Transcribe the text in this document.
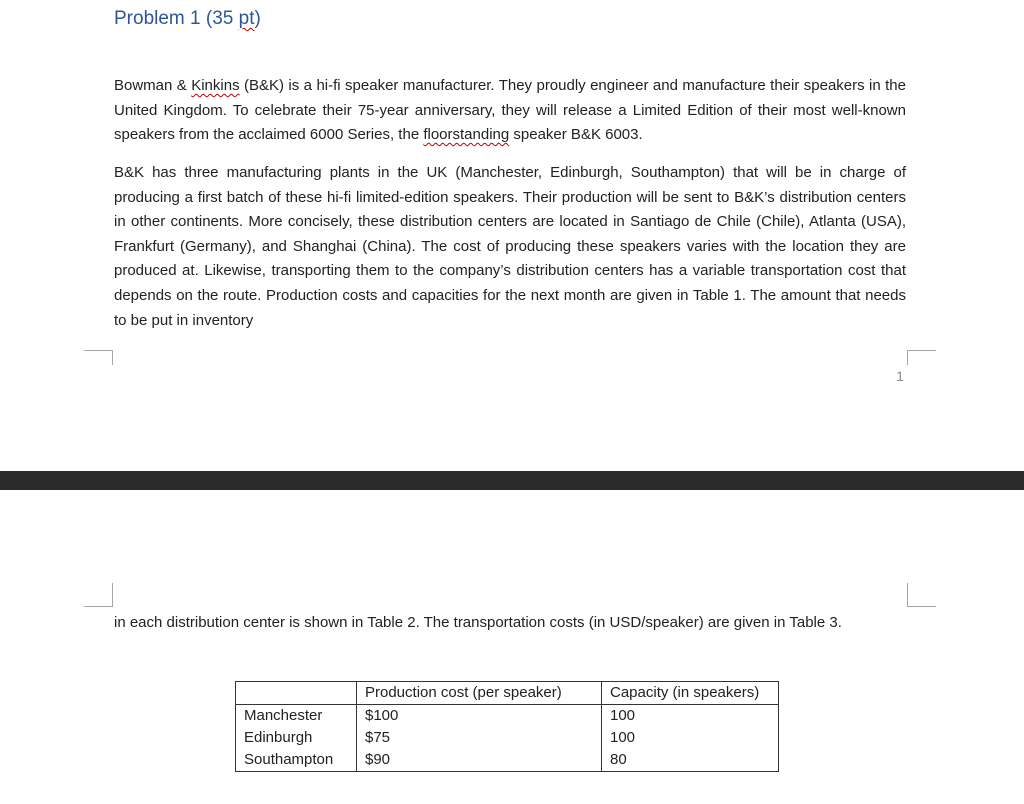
Problem 1 (35 pt)

Bowman & Kinkins (B&K) is a hi-fi speaker manufacturer. They proudly engineer and manufacture their speakers in the United Kingdom. To celebrate their 75-year anniversary, they will release a Limited Edition of their most well-known speakers from the acclaimed 6000 Series, the floorstanding speaker B&K 6003.

B&K has three manufacturing plants in the UK (Manchester, Edinburgh, Southampton) that will be in charge of producing a first batch of these hi-fi limited-edition speakers. Their production will be sent to B&K’s distribution centers in other continents. More concisely, these distribution centers are located in Santiago de Chile (Chile), Atlanta (USA), Frankfurt (Germany), and Shanghai (China). The cost of producing these speakers varies with the location they are produced at. Likewise, transporting them to the company’s distribution centers has a variable transportation cost that depends on the route. Production costs and capacities for the next month are given in Table 1. The amount that needs to be put in inventory

1

in each distribution center is shown in Table 2. The transportation costs (in USD/speaker) are given in Table 3.

	Production cost (per speaker)	Capacity (in speakers)
Manchester	$100	100
Edinburgh	$75	100
Southampton	$90	80
